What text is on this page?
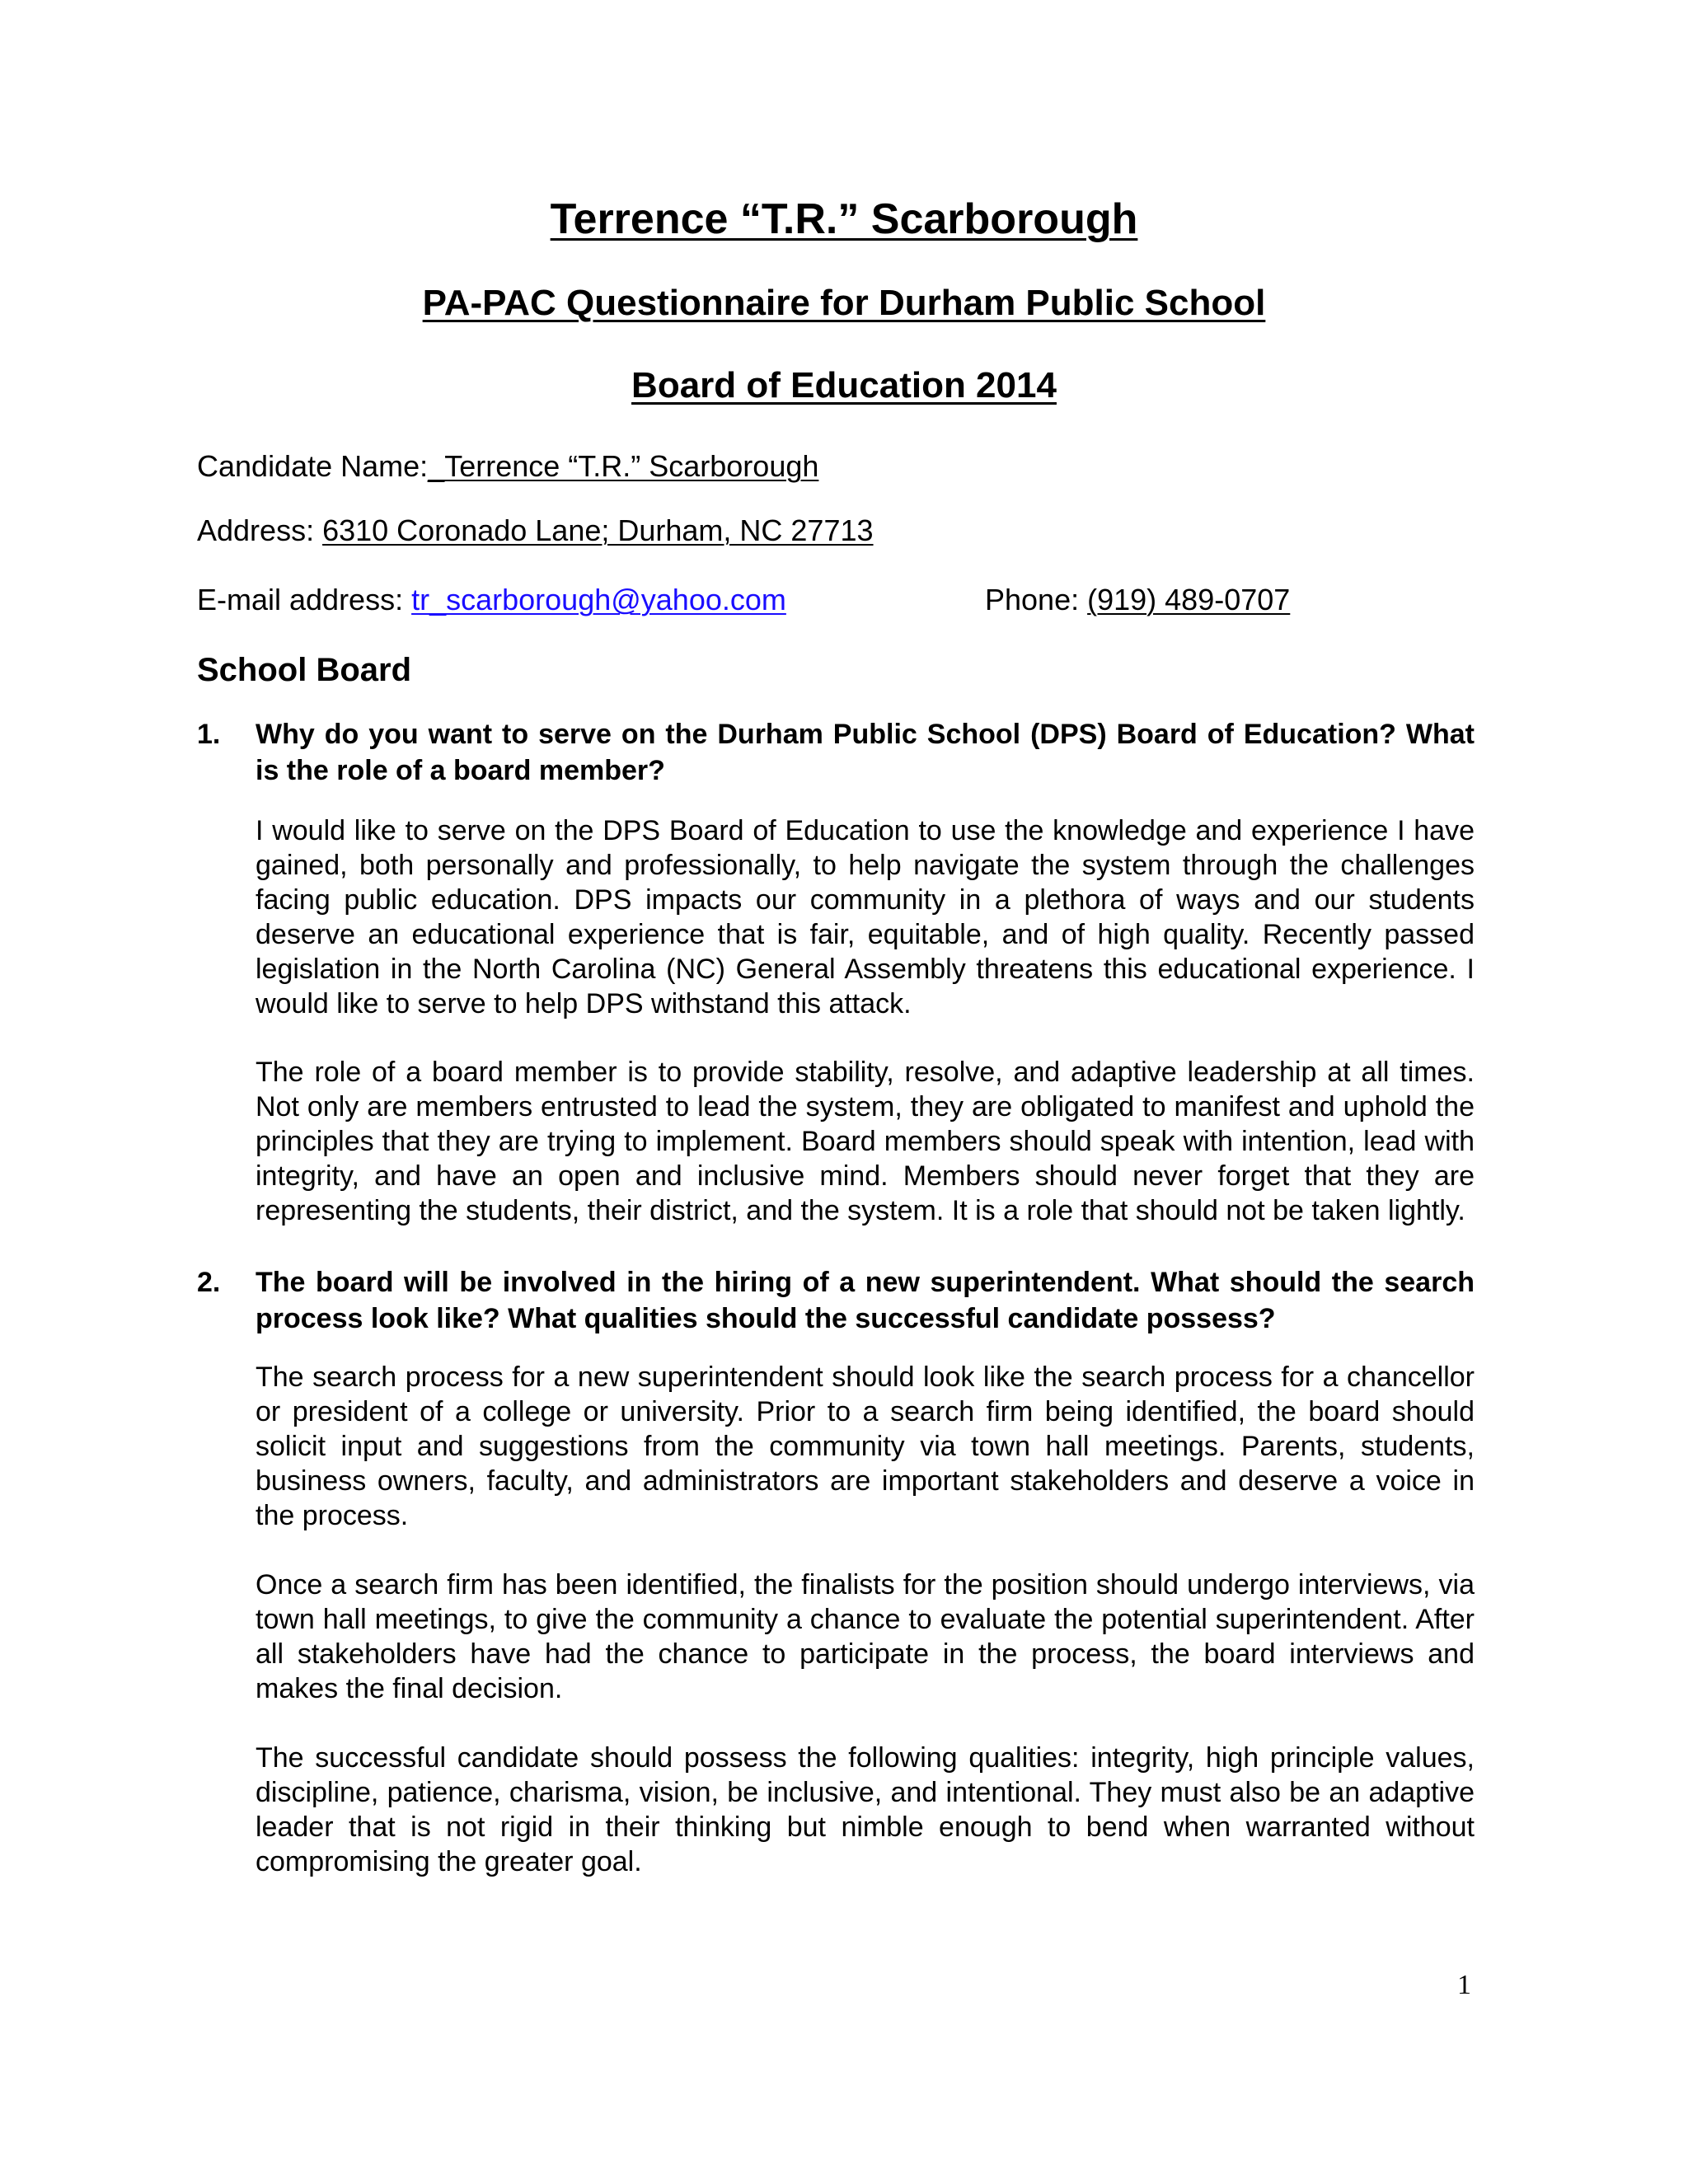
Terrence “T.R.” Scarborough
PA-PAC Questionnaire for Durham Public School
Board of Education 2014

Candidate Name:_Terrence “T.R.” Scarborough

Address: 6310 Coronado Lane; Durham, NC 27713

E-mail address: tr_scarborough@yahoo.com	Phone: (919) 489-0707

School Board
1. Why do you want to serve on the Durham Public School (DPS) Board of Education? What is the role of a board member?

I would like to serve on the DPS Board of Education to use the knowledge and experience I have gained, both personally and professionally, to help navigate the system through the challenges facing public education. DPS impacts our community in a plethora of ways and our students deserve an educational experience that is fair, equitable, and of high quality. Recently passed legislation in the North Carolina (NC) General Assembly threatens this educational experience. I would like to serve to help DPS withstand this attack.

The role of a board member is to provide stability, resolve, and adaptive leadership at all times. Not only are members entrusted to lead the system, they are obligated to manifest and uphold the principles that they are trying to implement. Board members should speak with intention, lead with integrity, and have an open and inclusive mind. Members should never forget that they are representing the students, their district, and the system. It is a role that should not be taken lightly.

2. The board will be involved in the hiring of a new superintendent. What should the search process look like? What qualities should the successful candidate possess?

The search process for a new superintendent should look like the search process for a chancellor or president of a college or university. Prior to a search firm being identified, the board should solicit input and suggestions from the community via town hall meetings. Parents, students, business owners, faculty, and administrators are important stakeholders and deserve a voice in the process.

Once a search firm has been identified, the finalists for the position should undergo interviews, via town hall meetings, to give the community a chance to evaluate the potential superintendent. After all stakeholders have had the chance to participate in the process, the board interviews and makes the final decision.

The successful candidate should possess the following qualities: integrity, high principle values, discipline, patience, charisma, vision, be inclusive, and intentional. They must also be an adaptive leader that is not rigid in their thinking but nimble enough to bend when warranted without compromising the greater goal.

1
